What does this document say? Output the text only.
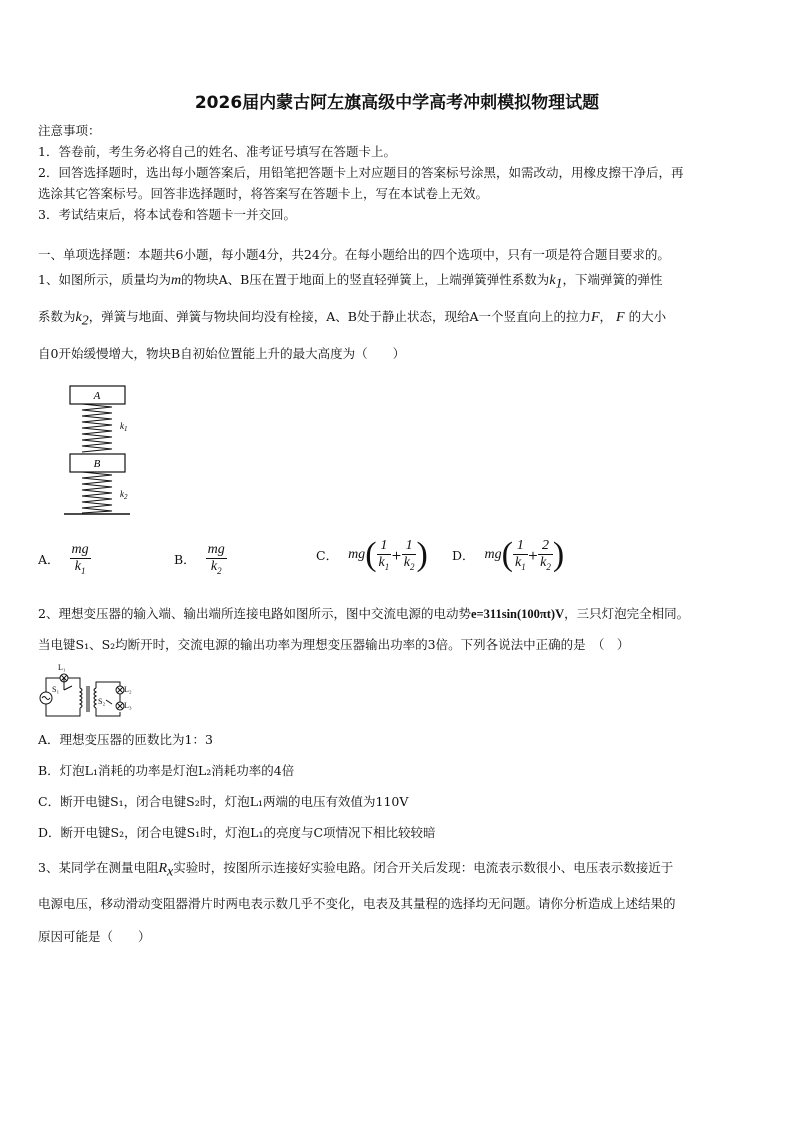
2026届内蒙古阿左旗高级中学高考冲刺模拟物理试题
注意事项：
1．答卷前，考生务必将自己的姓名、准考证号填写在答题卡上。
2．回答选择题时，选出每小题答案后，用铅笔把答题卡上对应题目的答案标号涂黑，如需改动，用橡皮擦干净后，再
选涂其它答案标号。回答非选择题时，将答案写在答题卡上，写在本试卷上无效。
3．考试结束后，将本试卷和答题卡一并交回。
一、单项选择题：本题共6小题，每小题4分，共24分。在每小题给出的四个选项中，只有一项是符合题目要求的。
1、如图所示，质量均为m的物块A、B压在置于地面上的竖直轻弹簧上，上端弹簧弹性系数为$k_1$，下端弹簧的弹性
系数为$k_2$，弹簧与地面、弹簧与物块间均没有栓接，A、B处于静止状态，现给A一个竖直向上的拉力F， F 的大小
自0开始缓慢增大，物块B自初始位置能上升的最大高度为（　　）
A
$k_1$
B
$k_2$
A． $\frac{mg}{k_1}$	B． $\frac{mg}{k_2}$	C． $mg( \frac{1}{k_1} + \frac{1}{k_2}$ ) D． $mg( \frac{1}{k_1} + \frac{2}{k_2}$ )
2、理想变压器的输入端、输出端所连接电路如图所示，图中交流电源的电动势e=311sin(100πt)V，三只灯泡完全相同。
当电键S₁、S₂均断开时，交流电源的输出功率为理想变压器输出功率的3倍。下列各说法中正确的是　（　）
L₁
S₁	L₂
L₃
S₂
A．理想变压器的匝数比为1：3
B．灯泡L₁消耗的功率是灯泡L₂消耗功率的4倍
C．断开电键S₁，闭合电键S₂时，灯泡L₁两端的电压有效值为110V
D．断开电键S₂，闭合电键S₁时，灯泡L₁的亮度与C项情况下相比较较暗
3、某同学在测量电阻$R_x$实验时，按图所示连接好实验电路。闭合开关后发现：电流表示数很小、电压表示数接近于
电源电压，移动滑动变阻器滑片时两电表示数几乎不变化，电表及其量程的选择均无问题。请你分析造成上述结果的
原因可能是（　　）
